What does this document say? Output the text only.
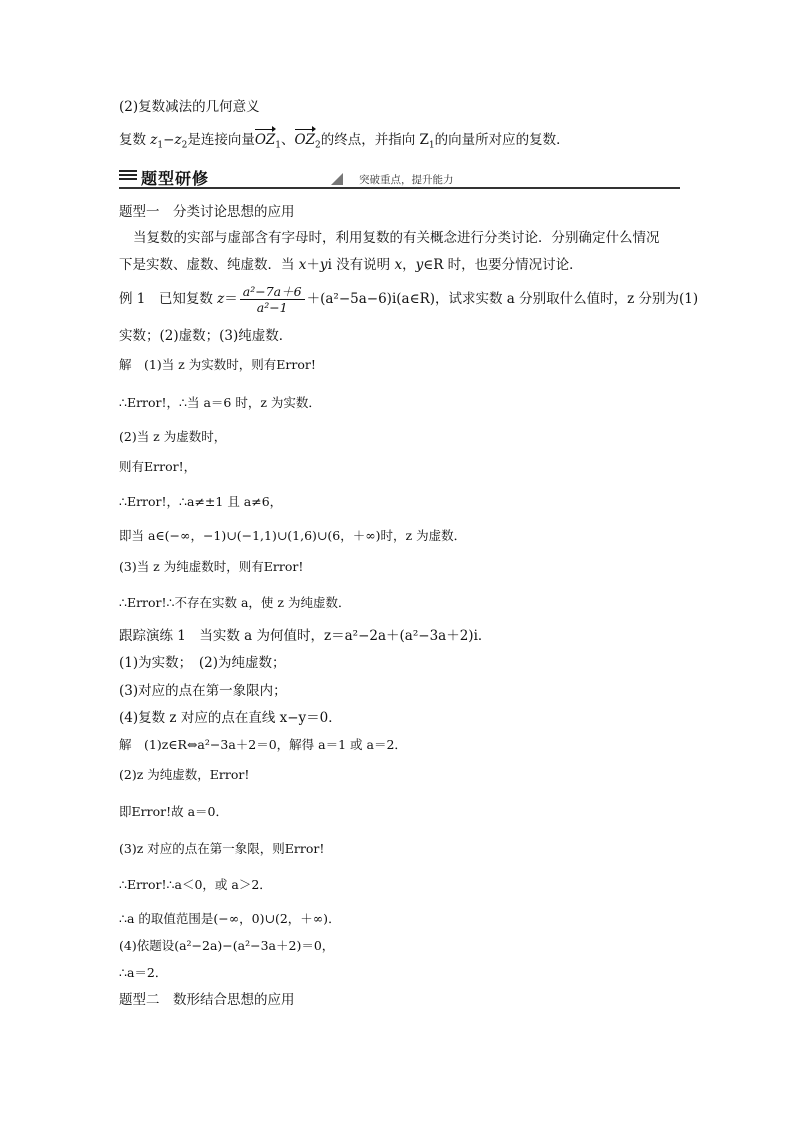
(2)复数减法的几何意义
复数 $z_1-z_2$是连接向量$OZ_1$、$OZ_2$的终点，并指向 $Z_1$的向量所对应的复数．
题型研修	突破重点，提升能力
题型一　分类讨论思想的应用
当复数的实部与虚部含有字母时，利用复数的有关概念进行分类讨论．分别确定什么情况
下是实数、虚数、纯虚数．当 x＋yi 没有说明 x，y∈R 时，也要分情况讨论．
例 1　已知复数 $z= \frac{\text{a²−7a＋6}}{\text{a²−1}}$ ＋(a²−5a−6)i(a∈R)，试求实数 a 分别取什么值时，z 分别为(1)
实数；(2)虚数；(3)纯虚数．
解　(1)当 z 为实数时，则有Error!
∴Error!，∴当 a＝6 时，z 为实数．
(2)当 z 为虚数时，
则有Error!，
∴Error!，∴a≠±1 且 a≠6，
即当 a∈(−∞，−1)∪(−1,1)∪(1,6)∪(6，＋∞)时，z 为虚数．
(3)当 z 为纯虚数时，则有Error!
∴Error!∴不存在实数 a，使 z 为纯虚数．
跟踪演练 1　当实数 a 为何值时，z＝a²−2a＋(a²−3a＋2)i．
(1)为实数；　(2)为纯虚数；
(3)对应的点在第一象限内；
(4)复数 z 对应的点在直线 x−y＝0．
解　(1)z∈R⇔a²−3a＋2＝0，解得 a＝1 或 a＝2．
(2)z 为纯虚数，Error!
即Error!故 a＝0．
(3)z 对应的点在第一象限，则Error!
∴Error!∴a＜0，或 a＞2．
∴a 的取值范围是(−∞，0)∪(2，＋∞)．
(4)依题设(a²−2a)−(a²−3a＋2)＝0，
∴a＝2．
题型二　数形结合思想的应用
